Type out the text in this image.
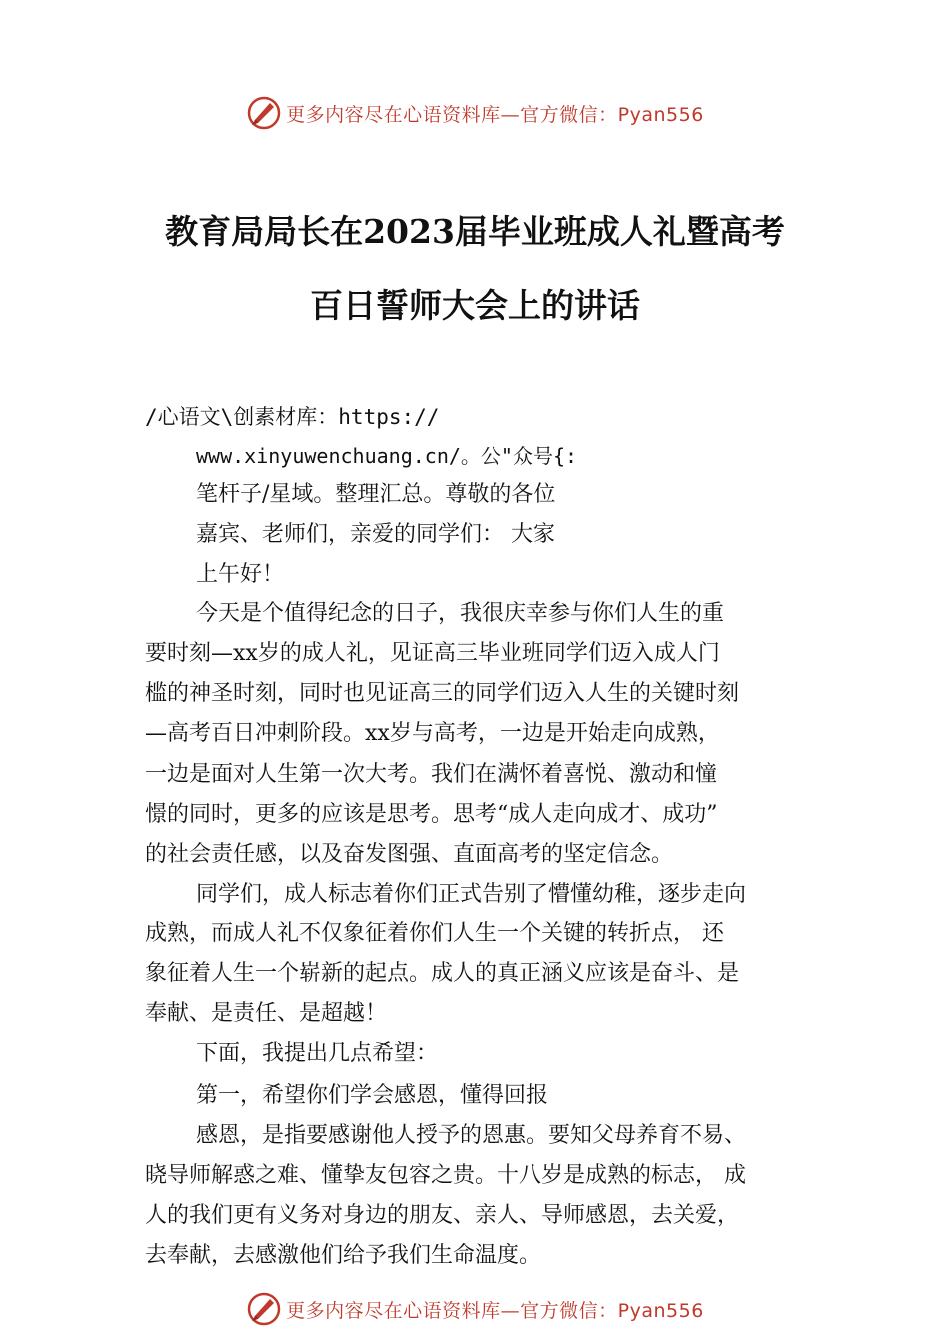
更多内容尽在心语资料库—官方微信：Pyan556
教育局局长在2023届毕业班成人礼暨高考
百日誓师大会上的讲话
/心语文\创素材库：https://
www.xinyuwenchuang.cn/。公"众号{:
笔杆子/星域。整理汇总。尊敬的各位
嘉宾、老师们，亲爱的同学们： 大家
上午好！
今天是个值得纪念的日子，我很庆幸参与你们人生的重
要时刻—xx岁的成人礼，见证高三毕业班同学们迈入成人门
槛的神圣时刻，同时也见证高三的同学们迈入人生的关键时刻
—高考百日冲刺阶段。xx岁与高考，一边是开始走向成熟，
一边是面对人生第一次大考。我们在满怀着喜悦、激动和憧
憬的同时，更多的应该是思考。思考“成人走向成才、成功”
的社会责任感，以及奋发图强、直面高考的坚定信念。
同学们，成人标志着你们正式告别了懵懂幼稚，逐步走向
成熟，而成人礼不仅象征着你们人生一个关键的转折点， 还
象征着人生一个崭新的起点。成人的真正涵义应该是奋斗、是
奉献、是责任、是超越！
下面，我提出几点希望：
第一，希望你们学会感恩，懂得回报
感恩，是指要感谢他人授予的恩惠。要知父母养育不易、
晓导师解惑之难、懂挚友包容之贵。十八岁是成熟的标志， 成
人的我们更有义务对身边的朋友、亲人、导师感恩，去关爱，
去奉献，去感激他们给予我们生命温度。
更多内容尽在心语资料库—官方微信：Pyan556
